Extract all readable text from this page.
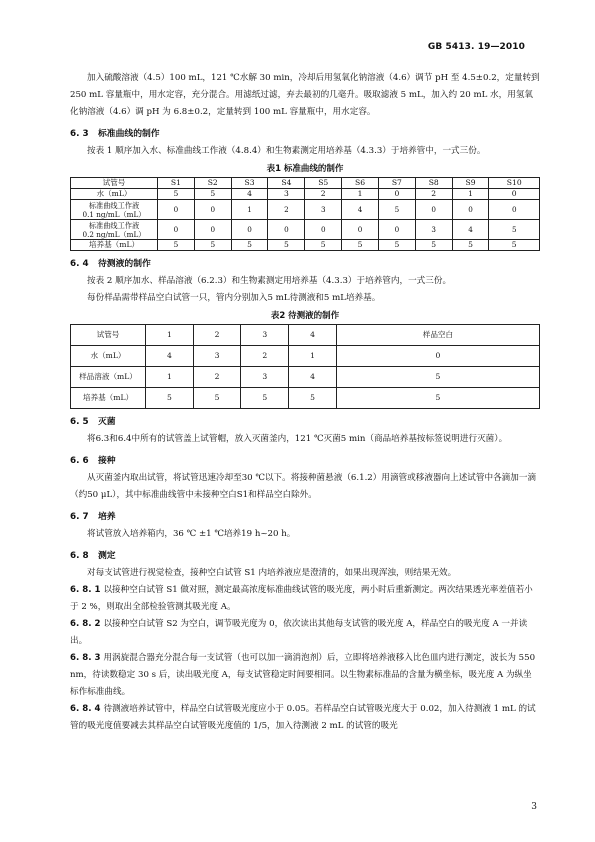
GB 5413. 19—2010

加入硫酸溶液（4.5）100 mL，121 ℃水解 30 min，冷却后用氢氧化钠溶液（4.6）调节 pH 至 4.5±0.2，定量转到 250 mL 容量瓶中，用水定容，充分混合。用滤纸过滤，弃去最初的几毫升。吸取滤液 5 mL，加入约 20 mL 水，用氢氧化钠溶液（4.6）调 pH 为 6.8±0.2，定量转到 100 mL 容量瓶中，用水定容。

6. 3 标准曲线的制作

按表 1 顺序加入水、标准曲线工作液（4.8.4）和生物素测定用培养基（4.3.3）于培养管中，一式三份。

表1 标准曲线的制作
试管号	S1	S2	S3	S4	S5	S6	S7	S8	S9	S10
水（mL）	5	5	4	3	2	1	0	2	1	0
标准曲线工作液
0.1 ng/mL（mL）	0	0	1	2	3	4	5	0	0	0
标准曲线工作液
0.2 ng/mL（mL）	0	0	0	0	0	0	0	3	4	5
培养基（mL）	5	5	5	5	5	5	5	5	5	5
6. 4 待测液的制作

按表 2 顺序加水、样品溶液（6.2.3）和生物素测定用培养基（4.3.3）于培养管内，一式三份。

每份样品需带样品空白试管一只，管内分别加入5 mL待测液和5 mL培养基。

表2 待测液的制作
试管号	1	2	3	4	样品空白
水（mL）	4	3	2	1	0
样品溶液（mL）	1	2	3	4	5
培养基（mL）	5	5	5	5	5
6. 5 灭菌

将6.3和6.4中所有的试管盖上试管帽，放入灭菌釜内，121 ℃灭菌5 min（商品培养基按标签说明进行灭菌）。

6. 6 接种

从灭菌釜内取出试管，将试管迅速冷却至30 ℃以下。将接种菌悬液（6.1.2）用滴管或移液器向上述试管中各滴加一滴（约50 μL），其中标准曲线管中未接种空白S1和样品空白除外。

6. 7 培养

将试管放入培养箱内，36 ℃ ±1 ℃培养19 h~20 h。

6. 8 测定

对每支试管进行视觉检查，接种空白试管 S1 内培养液应是澄清的，如果出现浑浊，则结果无效。

6. 8. 1 以接种空白试管 S1 做对照，测定最高浓度标准曲线试管的吸光度，两小时后重新测定。两次结果透光率差值若小于 2 %，则取出全部检验管测其吸光度 A。

6. 8. 2 以接种空白试管 S2 为空白，调节吸光度为 0，依次读出其他每支试管的吸光度 A，样品空白的吸光度 A 一并读出。

6. 8. 3 用涡旋混合器充分混合每一支试管（也可以加一滴消泡剂）后，立即将培养液移入比色皿内进行测定，波长为 550 nm，待读数稳定 30 s 后，读出吸光度 A，每支试管稳定时间要相同。以生物素标准品的含量为横坐标，吸光度 A 为纵坐标作标准曲线。

6. 8. 4 待测液培养试管中，样品空白试管吸光度应小于 0.05。若样品空白试管吸光度大于 0.02，加入待测液 1 mL 的试管的吸光度值要减去其样品空白试管吸光度值的 1/5，加入待测液 2 mL 的试管的吸光

3
